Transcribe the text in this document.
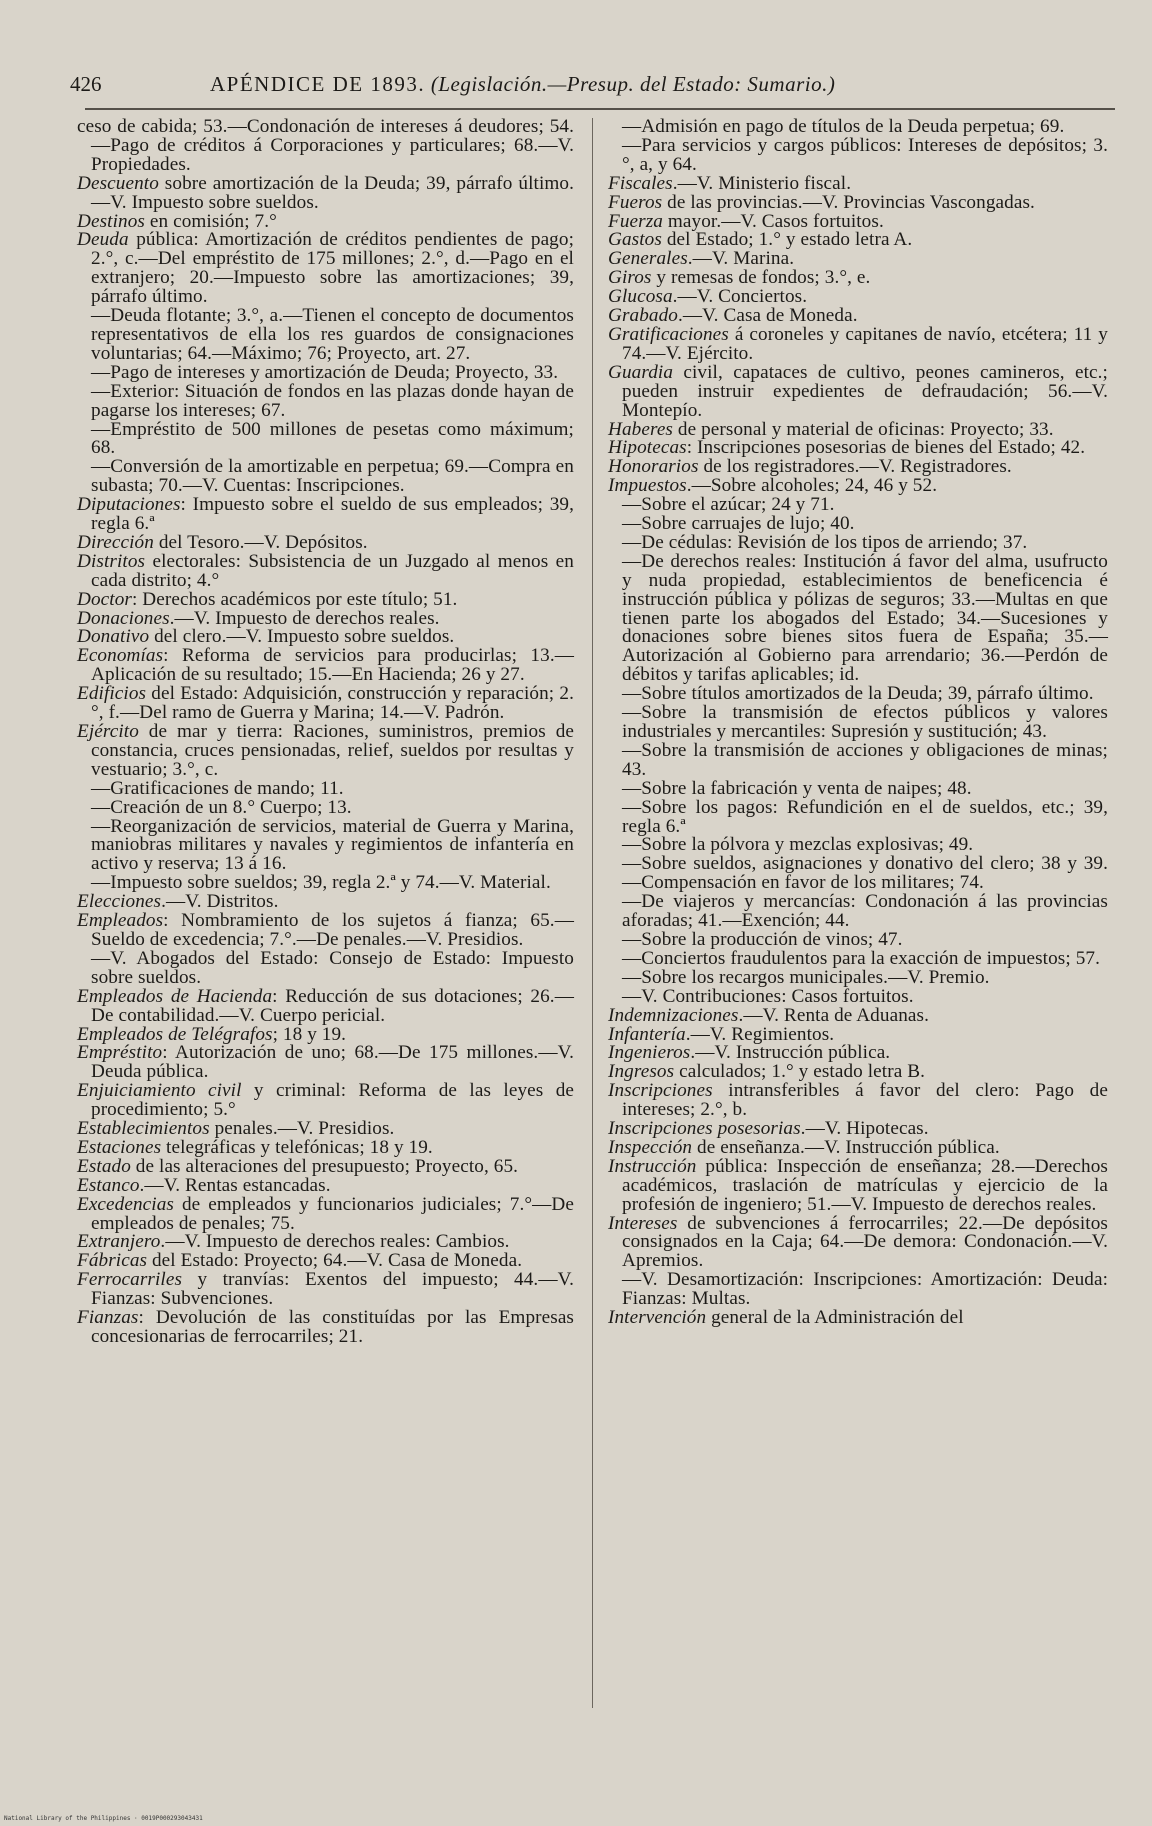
426	APÉNDICE DE 1893. (Legislación.—Presup. del Estado: Sumario.)

ceso de cabida; 53.—Condonación de intereses á deudores; 54.—Pago de créditos á Corporaciones y particulares; 68.—V. Propiedades.

Descuento sobre amortización de la Deuda; 39, párrafo último.—V. Impuesto sobre sueldos.

Destinos en comisión; 7.°

Deuda pública: Amortización de créditos pendientes de pago; 2.°, c.—Del empréstito de 175 millones; 2.°, d.—Pago en el extranjero; 20.—Impuesto sobre las amortizaciones; 39, párrafo último.

—Deuda flotante; 3.°, a.—Tienen el concepto de documentos representativos de ella los res guardos de consignaciones voluntarias; 64.—Máximo; 76; Proyecto, art. 27.

—Pago de intereses y amortización de Deuda; Proyecto, 33.

—Exterior: Situación de fondos en las plazas donde hayan de pagarse los intereses; 67.

—Empréstito de 500 millones de pesetas como máximum; 68.

—Conversión de la amortizable en perpetua; 69.—Compra en subasta; 70.—V. Cuentas: Inscripciones.

Diputaciones: Impuesto sobre el sueldo de sus empleados; 39, regla 6.ª

Dirección del Tesoro.—V. Depósitos.

Distritos electorales: Subsistencia de un Juzgado al menos en cada distrito; 4.°

Doctor: Derechos académicos por este título; 51.

Donaciones.—V. Impuesto de derechos reales.

Donativo del clero.—V. Impuesto sobre sueldos.

Economías: Reforma de servicios para producirlas; 13.—Aplicación de su resultado; 15.—En Hacienda; 26 y 27.

Edificios del Estado: Adquisición, construcción y reparación; 2.°, f.—Del ramo de Guerra y Marina; 14.—V. Padrón.

Ejército de mar y tierra: Raciones, suministros, premios de constancia, cruces pensionadas, relief, sueldos por resultas y vestuario; 3.°, c.

—Gratificaciones de mando; 11.

—Creación de un 8.° Cuerpo; 13.

—Reorganización de servicios, material de Guerra y Marina, maniobras militares y navales y regimientos de infantería en activo y reserva; 13 á 16.

—Impuesto sobre sueldos; 39, regla 2.ª y 74.—V. Material.

Elecciones.—V. Distritos.

Empleados: Nombramiento de los sujetos á fianza; 65.—Sueldo de excedencia; 7.°.—De penales.—V. Presidios.

—V. Abogados del Estado: Consejo de Estado: Impuesto sobre sueldos.

Empleados de Hacienda: Reducción de sus dotaciones; 26.—De contabilidad.—V. Cuerpo pericial.

Empleados de Telégrafos; 18 y 19.

Empréstito: Autorización de uno; 68.—De 175 millones.—V. Deuda pública.

Enjuiciamiento civil y criminal: Reforma de las leyes de procedimiento; 5.°

Establecimientos penales.—V. Presidios.

Estaciones telegráficas y telefónicas; 18 y 19.

Estado de las alteraciones del presupuesto; Proyecto, 65.

Estanco.—V. Rentas estancadas.

Excedencias de empleados y funcionarios judiciales; 7.°—De empleados de penales; 75.

Extranjero.—V. Impuesto de derechos reales: Cambios.

Fábricas del Estado: Proyecto; 64.—V. Casa de Moneda.

Ferrocarriles y tranvías: Exentos del impuesto; 44.—V. Fianzas: Subvenciones.

Fianzas: Devolución de las constituídas por las Empresas concesionarias de ferrocarriles; 21.

—Admisión en pago de títulos de la Deuda perpetua; 69.

—Para servicios y cargos públicos: Intereses de depósitos; 3.°, a, y 64.

Fiscales.—V. Ministerio fiscal.

Fueros de las provincias.—V. Provincias Vascongadas.

Fuerza mayor.—V. Casos fortuitos.

Gastos del Estado; 1.° y estado letra A.

Generales.—V. Marina.

Giros y remesas de fondos; 3.°, e.

Glucosa.—V. Conciertos.

Grabado.—V. Casa de Moneda.

Gratificaciones á coroneles y capitanes de navío, etcétera; 11 y 74.—V. Ejército.

Guardia civil, capataces de cultivo, peones camineros, etc.; pueden instruir expedientes de defraudación; 56.—V. Montepío.

Haberes de personal y material de oficinas: Proyecto; 33.

Hipotecas: Inscripciones posesorias de bienes del Estado; 42.

Honorarios de los registradores.—V. Registradores.

Impuestos.—Sobre alcoholes; 24, 46 y 52.

—Sobre el azúcar; 24 y 71.

—Sobre carruajes de lujo; 40.

—De cédulas: Revisión de los tipos de arriendo; 37.

—De derechos reales: Institución á favor del alma, usufructo y nuda propiedad, establecimientos de beneficencia é instrucción pública y pólizas de seguros; 33.—Multas en que tienen parte los abogados del Estado; 34.—Sucesiones y donaciones sobre bienes sitos fuera de España; 35.—Autorización al Gobierno para arrendario; 36.—Perdón de débitos y tarifas aplicables; id.

—Sobre títulos amortizados de la Deuda; 39, párrafo último.

—Sobre la transmisión de efectos públicos y valores industriales y mercantiles: Supresión y sustitución; 43.

—Sobre la transmisión de acciones y obligaciones de minas; 43.

—Sobre la fabricación y venta de naipes; 48.

—Sobre los pagos: Refundición en el de sueldos, etc.; 39, regla 6.ª

—Sobre la pólvora y mezclas explosivas; 49.

—Sobre sueldos, asignaciones y donativo del clero; 38 y 39.—Compensación en favor de los militares; 74.

—De viajeros y mercancías: Condonación á las provincias aforadas; 41.—Exención; 44.

—Sobre la producción de vinos; 47.

—Conciertos fraudulentos para la exacción de impuestos; 57.

—Sobre los recargos municipales.—V. Premio.

—V. Contribuciones: Casos fortuitos.

Indemnizaciones.—V. Renta de Aduanas.

Infantería.—V. Regimientos.

Ingenieros.—V. Instrucción pública.

Ingresos calculados; 1.° y estado letra B.

Inscripciones intransferibles á favor del clero: Pago de intereses; 2.°, b.

Inscripciones posesorias.—V. Hipotecas.

Inspección de enseñanza.—V. Instrucción pública.

Instrucción pública: Inspección de enseñanza; 28.—Derechos académicos, traslación de matrículas y ejercicio de la profesión de ingeniero; 51.—V. Impuesto de derechos reales.

Intereses de subvenciones á ferrocarriles; 22.—De depósitos consignados en la Caja; 64.—De demora: Condonación.—V. Apremios.

—V. Desamortización: Inscripciones: Amortización: Deuda: Fianzas: Multas.

Intervención general de la Administración del

National Library of the Philippines · 0019P000293043431
